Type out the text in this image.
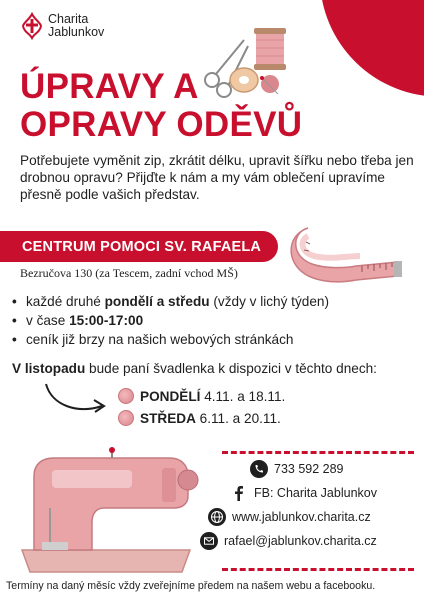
Charita
Jablunkov
ÚPRAVY A
OPRAVY ODĚVŮ

Potřebujete vyměnit zip, zkrátit délku, upravit šířku nebo třeba jen drobnou opravu? Přijďte k nám a my vám oblečení upravíme přesně podle vašich představ.

CENTRUM POMOCI SV. RAFAELA
Bezručova 130 (za Tescem, zadní vchod MŠ)
• každé druhé pondělí a středu (vždy v lichý týden)
• v čase 15:00-17:00
• ceník již brzy na našich webových stránkách
V listopadu bude paní švadlenka k dispozici v těchto dnech:
PONDĚLÍ 4.11. a 18.11.
STŘEDA 6.11. a 20.11.
733 592 289
FB: Charita Jablunkov
www.jablunkov.charita.cz
rafael@jablunkov.charita.cz
Termíny na daný měsíc vždy zveřejníme předem na našem webu a facebooku.
